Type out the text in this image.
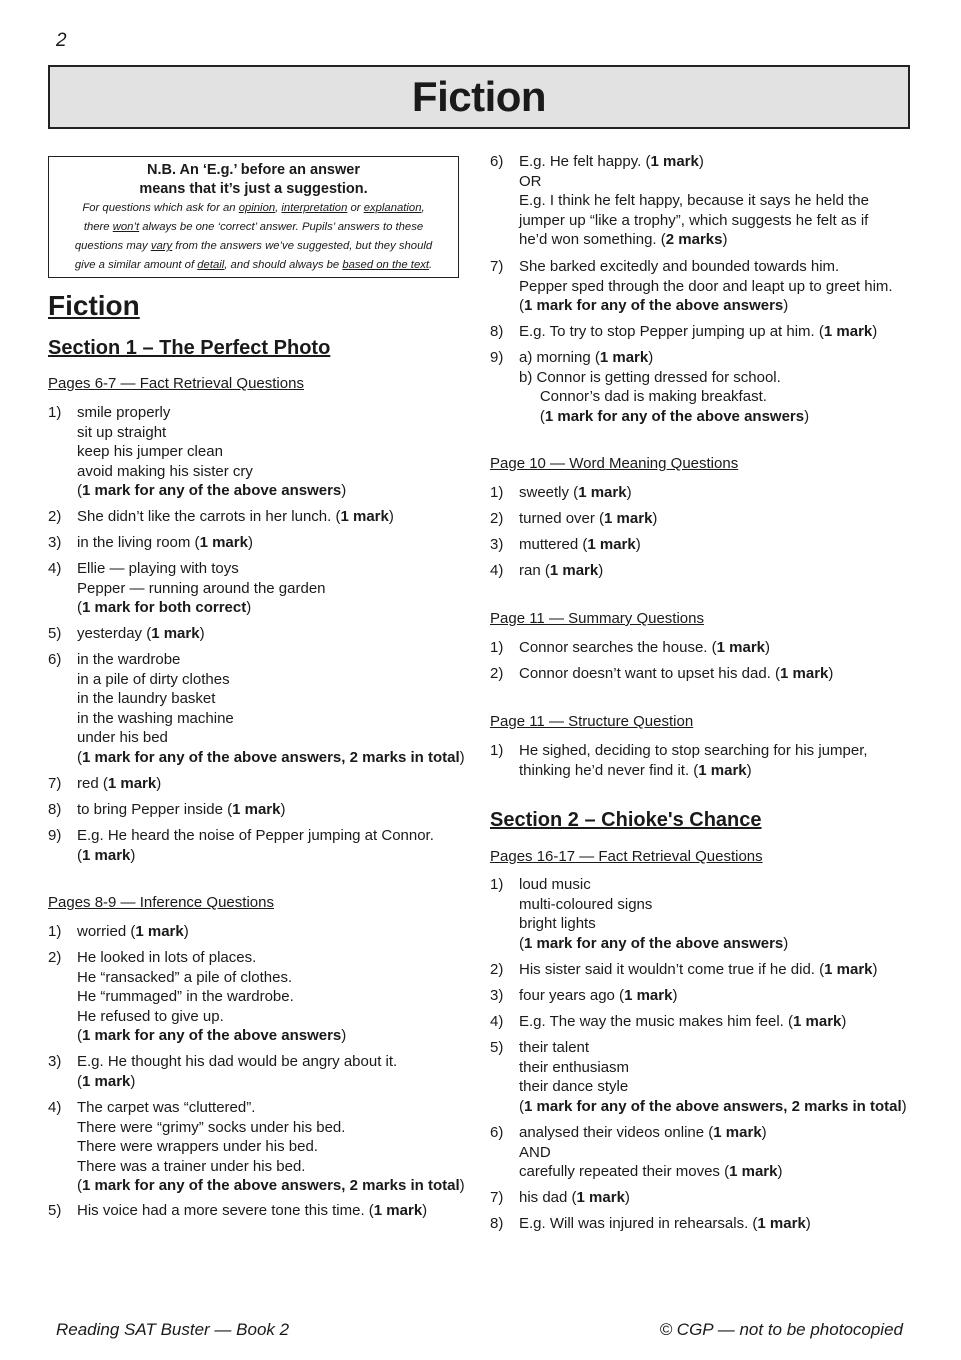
2
Fiction
N.B. An ‘E.g.’ before an answer
means that it’s just a suggestion.
For questions which ask for an opinion, interpretation or explanation,
there won’t always be one ‘correct’ answer. Pupils’ answers to these
questions may vary from the answers we’ve suggested, but they should
give a similar amount of detail, and should always be based on the text.
Fiction
Section 1 – The Perfect Photo
Pages 6-7 — Fact Retrieval Questions
1) smile properly
sit up straight
keep his jumper clean
avoid making his sister cry
(1 mark for any of the above answers)
2) She didn’t like the carrots in her lunch. (1 mark)
3) in the living room (1 mark)
4) Ellie — playing with toys
Pepper — running around the garden
(1 mark for both correct)
5) yesterday (1 mark)
6) in the wardrobe
in a pile of dirty clothes
in the laundry basket
in the washing machine
under his bed
(1 mark for any of the above answers, 2 marks in total)
7) red (1 mark)
8) to bring Pepper inside (1 mark)
9) E.g. He heard the noise of Pepper jumping at Connor.
(1 mark)
Pages 8-9 — Inference Questions
1) worried (1 mark)
2) He looked in lots of places.
He “ransacked” a pile of clothes.
He “rummaged” in the wardrobe.
He refused to give up.
(1 mark for any of the above answers)
3) E.g. He thought his dad would be angry about it.
(1 mark)
4) The carpet was “cluttered”.
There were “grimy” socks under his bed.
There were wrappers under his bed.
There was a trainer under his bed.
(1 mark for any of the above answers, 2 marks in total)
5) His voice had a more severe tone this time. (1 mark)
6) E.g. He felt happy. (1 mark)
OR
E.g. I think he felt happy, because it says he held the
jumper up “like a trophy”, which suggests he felt as if
he’d won something. (2 marks)
7) She barked excitedly and bounded towards him.
Pepper sped through the door and leapt up to greet him.
(1 mark for any of the above answers)
8) E.g. To try to stop Pepper jumping up at him. (1 mark)
9) a) morning (1 mark)
b) Connor is getting dressed for school.
Connor’s dad is making breakfast.
(1 mark for any of the above answers)
Page 10 — Word Meaning Questions
1) sweetly (1 mark)
2) turned over (1 mark)
3) muttered (1 mark)
4) ran (1 mark)
Page 11 — Summary Questions
1) Connor searches the house. (1 mark)
2) Connor doesn’t want to upset his dad. (1 mark)
Page 11 — Structure Question
1) He sighed, deciding to stop searching for his jumper,
thinking he’d never find it. (1 mark)
Section 2 – Chioke's Chance
Pages 16-17 — Fact Retrieval Questions
1) loud music
multi-coloured signs
bright lights
(1 mark for any of the above answers)
2) His sister said it wouldn’t come true if he did. (1 mark)
3) four years ago (1 mark)
4) E.g. The way the music makes him feel. (1 mark)
5) their talent
their enthusiasm
their dance style
(1 mark for any of the above answers, 2 marks in total)
6) analysed their videos online (1 mark)
AND
carefully repeated their moves (1 mark)
7) his dad (1 mark)
8) E.g. Will was injured in rehearsals. (1 mark)
Reading SAT Buster — Book 2	© CGP — not to be photocopied
